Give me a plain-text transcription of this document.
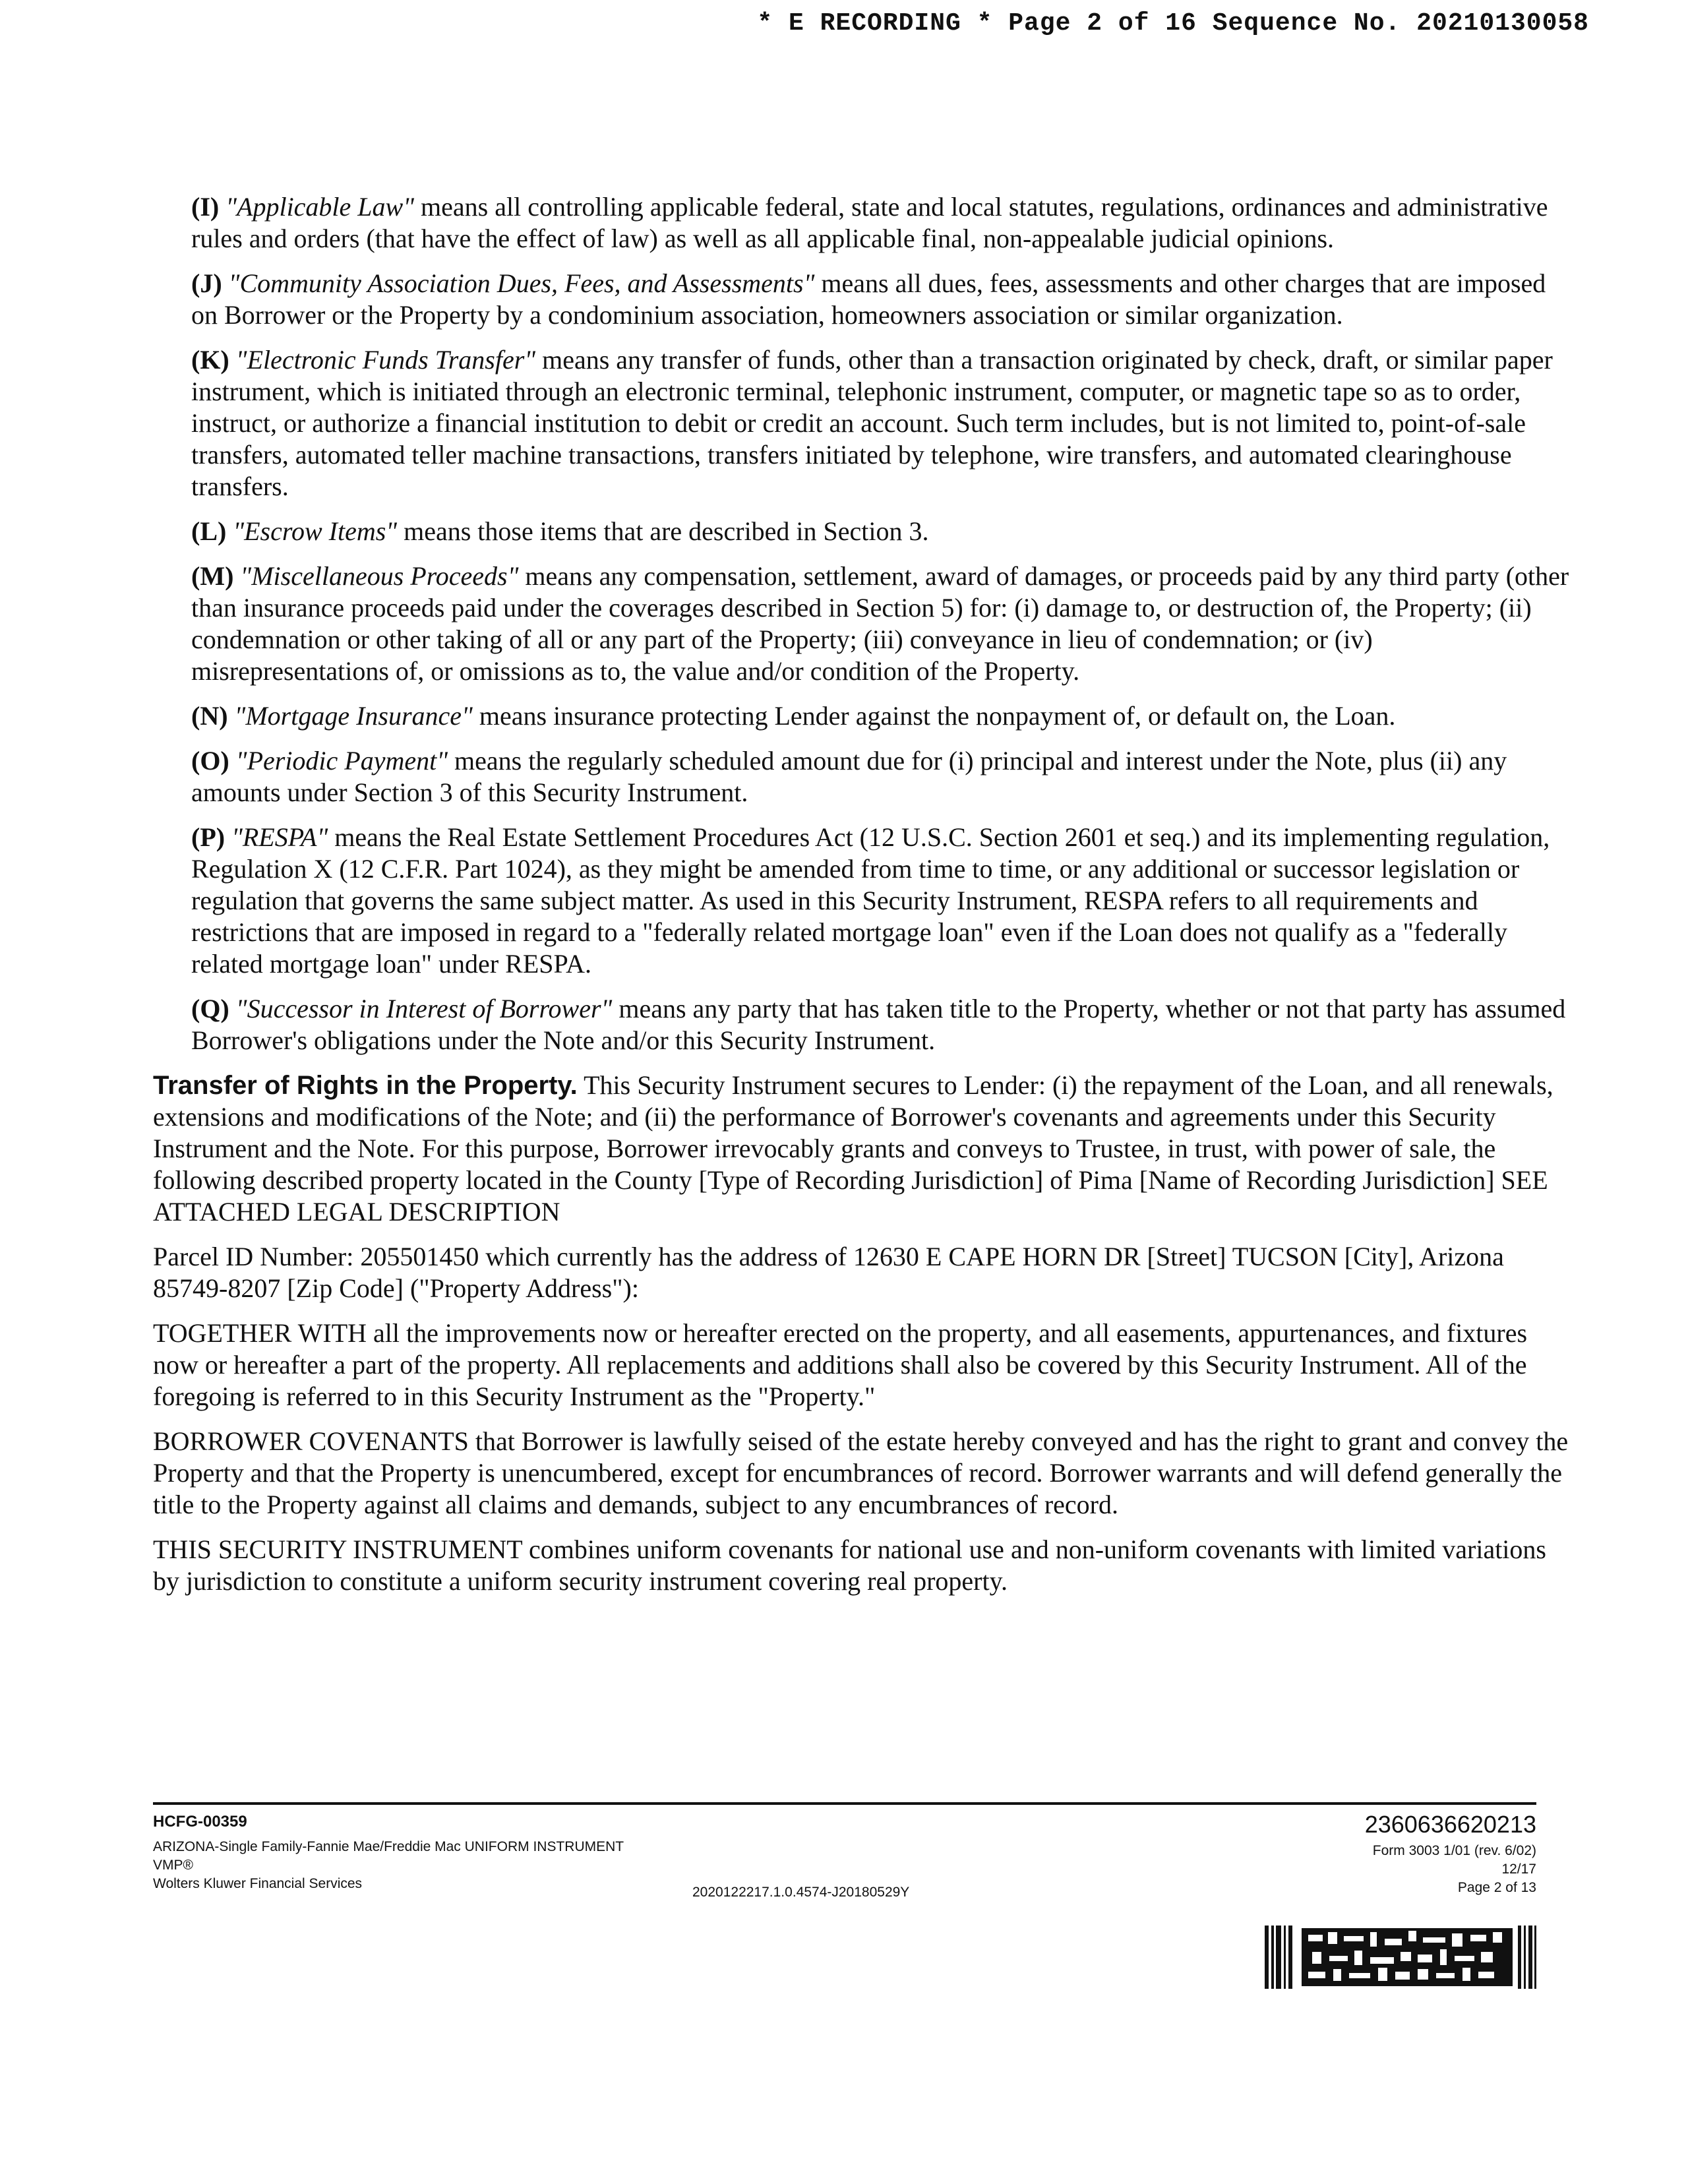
* E RECORDING * Page 2 of 16 Sequence No. 20210130058
(I) "Applicable Law" means all controlling applicable federal, state and local statutes, regulations, ordinances and administrative rules and orders (that have the effect of law) as well as all applicable final, non-appealable judicial opinions.
(J) "Community Association Dues, Fees, and Assessments" means all dues, fees, assessments and other charges that are imposed on Borrower or the Property by a condominium association, homeowners association or similar organization.
(K) "Electronic Funds Transfer" means any transfer of funds, other than a transaction originated by check, draft, or similar paper instrument, which is initiated through an electronic terminal, telephonic instrument, computer, or magnetic tape so as to order, instruct, or authorize a financial institution to debit or credit an account. Such term includes, but is not limited to, point-of-sale transfers, automated teller machine transactions, transfers initiated by telephone, wire transfers, and automated clearinghouse transfers.
(L) "Escrow Items" means those items that are described in Section 3.
(M) "Miscellaneous Proceeds" means any compensation, settlement, award of damages, or proceeds paid by any third party (other than insurance proceeds paid under the coverages described in Section 5) for: (i) damage to, or destruction of, the Property; (ii) condemnation or other taking of all or any part of the Property; (iii) conveyance in lieu of condemnation; or (iv) misrepresentations of, or omissions as to, the value and/or condition of the Property.
(N) "Mortgage Insurance" means insurance protecting Lender against the nonpayment of, or default on, the Loan.
(O) "Periodic Payment" means the regularly scheduled amount due for (i) principal and interest under the Note, plus (ii) any amounts under Section 3 of this Security Instrument.
(P) "RESPA" means the Real Estate Settlement Procedures Act (12 U.S.C. Section 2601 et seq.) and its implementing regulation, Regulation X (12 C.F.R. Part 1024), as they might be amended from time to time, or any additional or successor legislation or regulation that governs the same subject matter. As used in this Security Instrument, RESPA refers to all requirements and restrictions that are imposed in regard to a "federally related mortgage loan" even if the Loan does not qualify as a "federally related mortgage loan" under RESPA.
(Q) "Successor in Interest of Borrower" means any party that has taken title to the Property, whether or not that party has assumed Borrower's obligations under the Note and/or this Security Instrument.
Transfer of Rights in the Property. This Security Instrument secures to Lender: (i) the repayment of the Loan, and all renewals, extensions and modifications of the Note; and (ii) the performance of Borrower's covenants and agreements under this Security Instrument and the Note. For this purpose, Borrower irrevocably grants and conveys to Trustee, in trust, with power of sale, the following described property located in the County [Type of Recording Jurisdiction] of Pima [Name of Recording Jurisdiction] SEE ATTACHED LEGAL DESCRIPTION
Parcel ID Number: 205501450 which currently has the address of 12630 E CAPE HORN DR [Street] TUCSON [City], Arizona 85749-8207 [Zip Code] ("Property Address"):
TOGETHER WITH all the improvements now or hereafter erected on the property, and all easements, appurtenances, and fixtures now or hereafter a part of the property. All replacements and additions shall also be covered by this Security Instrument. All of the foregoing is referred to in this Security Instrument as the "Property."
BORROWER COVENANTS that Borrower is lawfully seised of the estate hereby conveyed and has the right to grant and convey the Property and that the Property is unencumbered, except for encumbrances of record. Borrower warrants and will defend generally the title to the Property against all claims and demands, subject to any encumbrances of record.
THIS SECURITY INSTRUMENT combines uniform covenants for national use and non-uniform covenants with limited variations by jurisdiction to constitute a uniform security instrument covering real property.
HCFG-00359
ARIZONA-Single Family-Fannie Mae/Freddie Mac UNIFORM INSTRUMENT
VMP®
Wolters Kluwer Financial Services
2020122217.1.0.4574-J20180529Y
2360636620213
Form 3003 1/01 (rev. 6/02)
12/17
Page 2 of 13
